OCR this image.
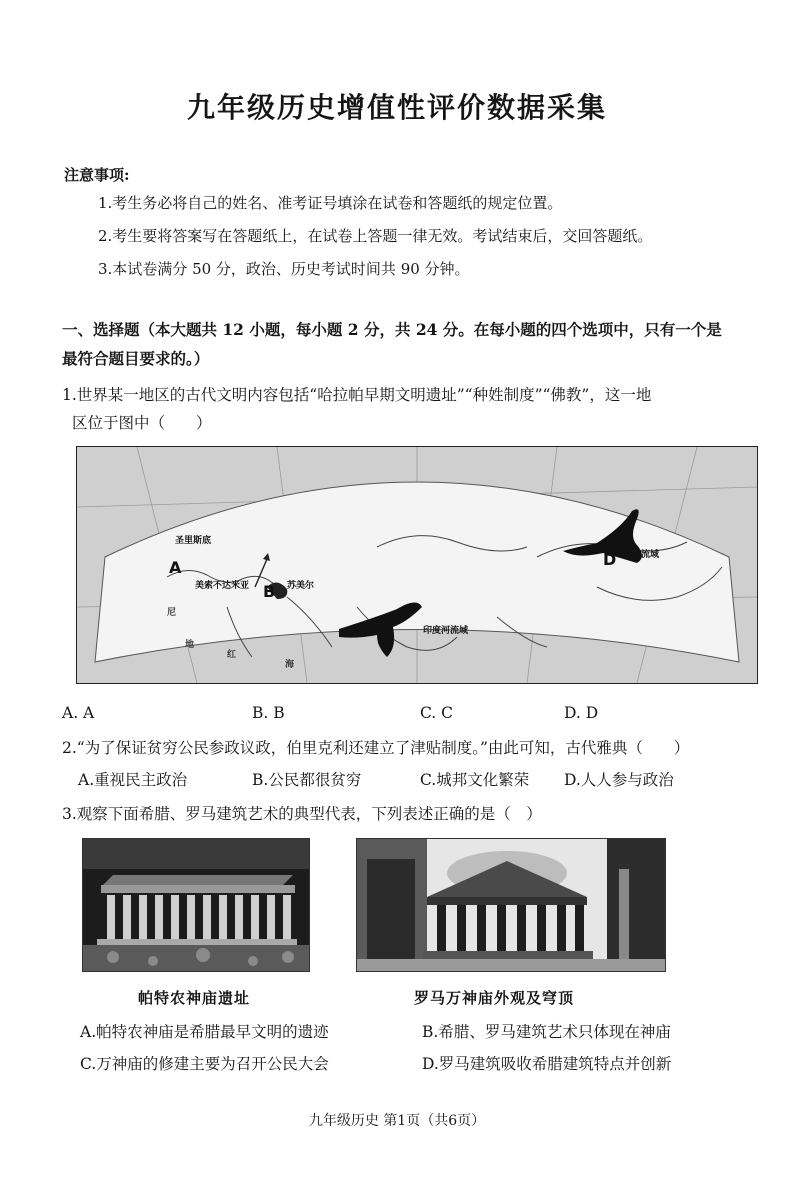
九年级历史增值性评价数据采集
注意事项:
1.考生务必将自己的姓名、准考证号填涂在试卷和答题纸的规定位置。
2.考生要将答案写在答题纸上，在试卷上答题一律无效。考试结束后，交回答题纸。
3.本试卷满分 50 分，政治、历史考试时间共 90 分钟。
一、选择题（本大题共 12 小题，每小题 2 分，共 24 分。在每小题的四个选项中，只有一个是
最符合题目要求的。）
1.世界某一地区的古代文明内容包括“哈拉帕早期文明遗址”“种姓制度”“佛教”，这一地
区位于图中（　　）
圣里斯底
美索不达米亚	苏美尔
印度河流域
长江流域
地
红
海
尼
A
B
C
D
A. A	B. B	C. C	D. D
2.“为了保证贫穷公民参政议政，伯里克利还建立了津贴制度。”由此可知，古代雅典（　　）
A.重视民主政治	B.公民都很贫穷	C.城邦文化繁荣 D.人人参与政治
3.观察下面希腊、罗马建筑艺术的典型代表，下列表述正确的是（　）
帕特农神庙遗址	罗马万神庙外观及穹顶
A.帕特农神庙是希腊最早文明的遗迹	B.希腊、罗马建筑艺术只体现在神庙
C.万神庙的修建主要为召开公民大会	D.罗马建筑吸收希腊建筑特点并创新
九年级历史 第1页（共6页）
